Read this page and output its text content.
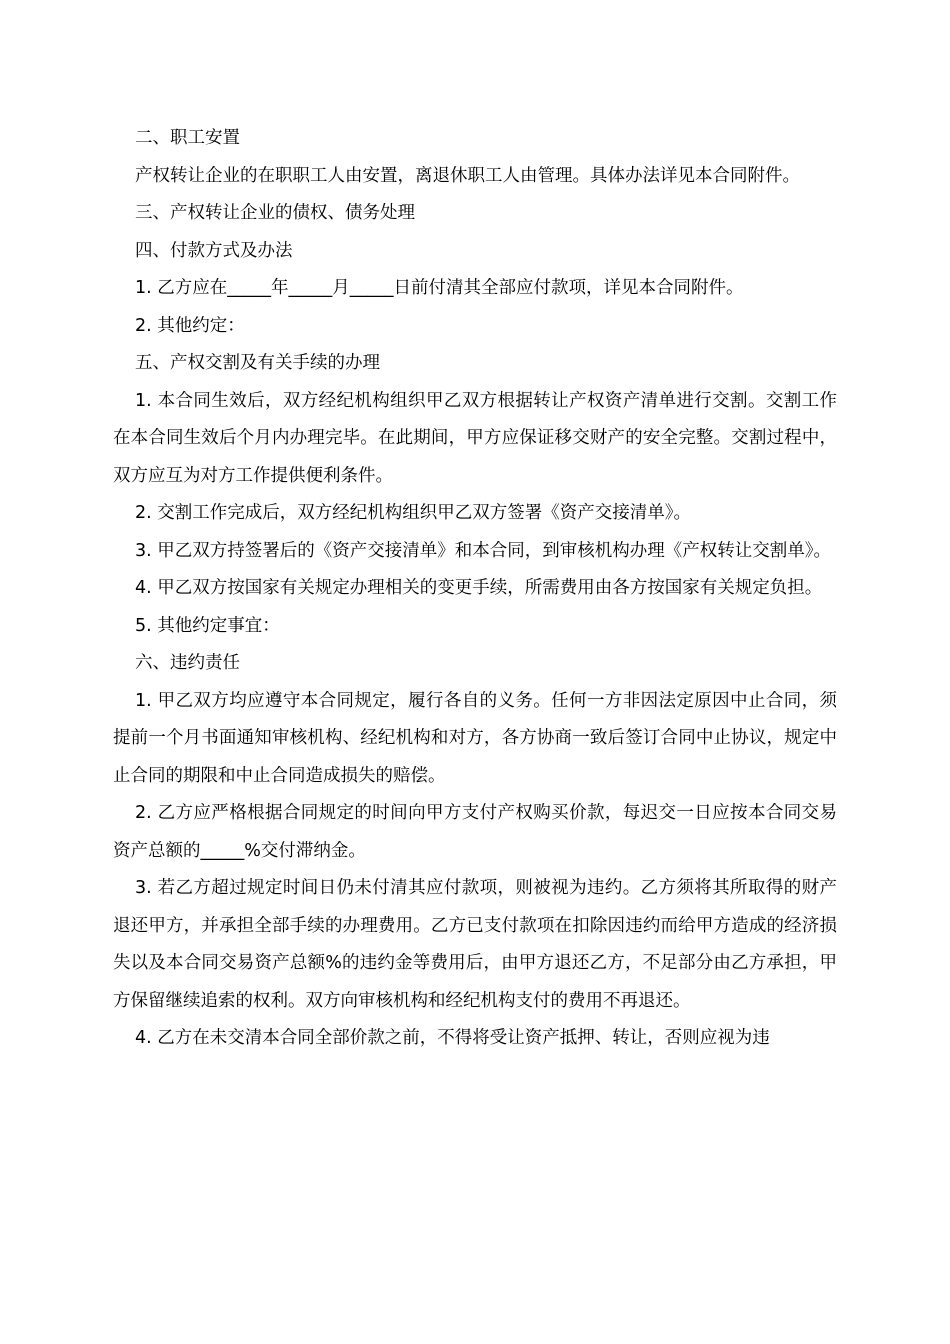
二、职工安置

产权转让企业的在职职工人由安置，离退休职工人由管理。具体办法详见本合同附件。

三、产权转让企业的债权、债务处理

四、付款方式及办法

1. 乙方应在_____年_____月_____日前付清其全部应付款项，详见本合同附件。

2. 其他约定：

五、产权交割及有关手续的办理

1. 本合同生效后，双方经纪机构组织甲乙双方根据转让产权资产清单进行交割。交割工作在本合同生效后个月内办理完毕。在此期间，甲方应保证移交财产的安全完整。交割过程中，双方应互为对方工作提供便利条件。

2. 交割工作完成后，双方经纪机构组织甲乙双方签署《资产交接清单》。

3. 甲乙双方持签署后的《资产交接清单》和本合同，到审核机构办理《产权转让交割单》。

4. 甲乙双方按国家有关规定办理相关的变更手续，所需费用由各方按国家有关规定负担。

5. 其他约定事宜：

六、违约责任

1. 甲乙双方均应遵守本合同规定，履行各自的义务。任何一方非因法定原因中止合同，须提前一个月书面通知审核机构、经纪机构和对方，各方协商一致后签订合同中止协议，规定中止合同的期限和中止合同造成损失的赔偿。

2. 乙方应严格根据合同规定的时间向甲方支付产权购买价款，每迟交一日应按本合同交易资产总额的_____%交付滞纳金。

3. 若乙方超过规定时间日仍未付清其应付款项，则被视为违约。乙方须将其所取得的财产退还甲方，并承担全部手续的办理费用。乙方已支付款项在扣除因违约而给甲方造成的经济损失以及本合同交易资产总额%的违约金等费用后，由甲方退还乙方，不足部分由乙方承担，甲方保留继续追索的权利。双方向审核机构和经纪机构支付的费用不再退还。

4. 乙方在未交清本合同全部价款之前，不得将受让资产抵押、转让，否则应视为违
